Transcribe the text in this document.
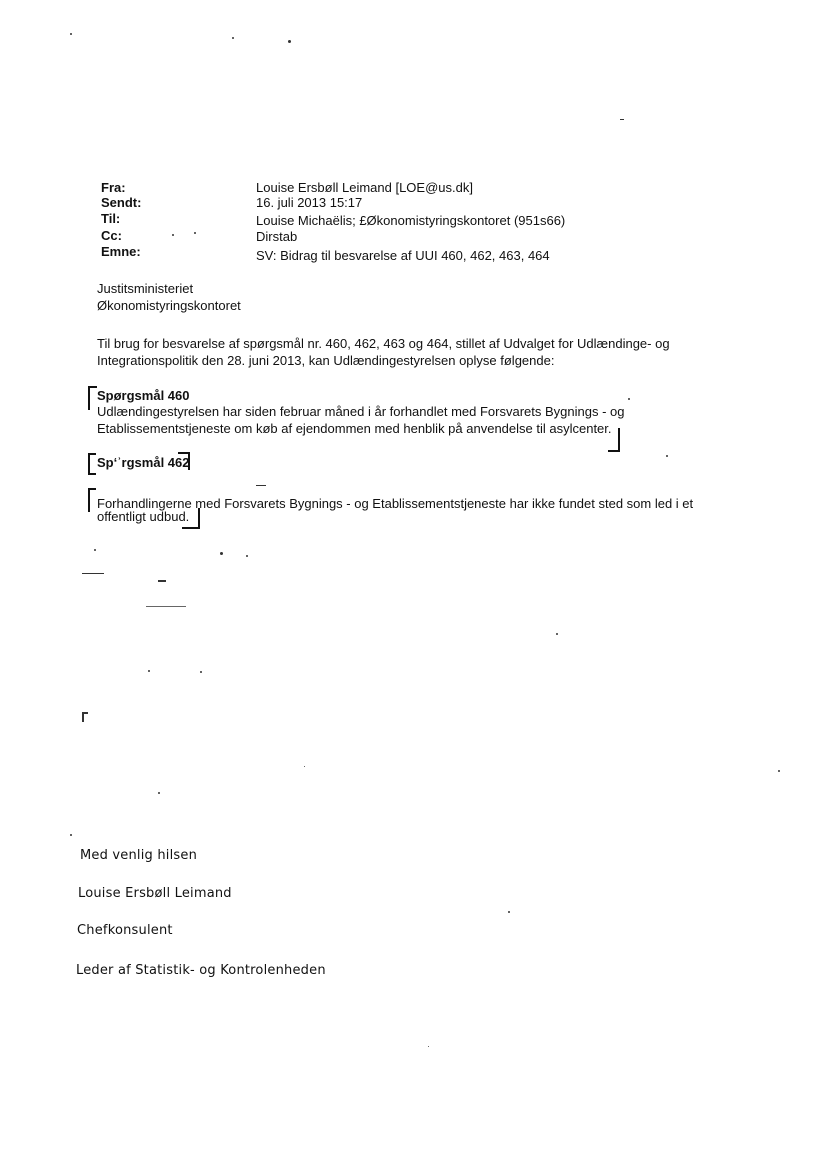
Fra:	Louise Ersbøll Leimand [LOE@us.dk]
Sendt:	16. juli 2013 15:17
Til:	Louise Michaëlis; £Økonomistyringskontoret (951s66)
Cc:	Dirstab
Emne:	SV: Bidrag til besvarelse af UUI 460, 462, 463, 464
Justitsministeriet
Økonomistyringskontoret
Til brug for besvarelse af spørgsmål nr. 460, 462, 463 og 464, stillet af Udvalget for Udlændinge- og
Integrationspolitik den 28. juni 2013, kan Udlændingestyrelsen oplyse følgende:
Spørgsmål 460
Udlændingestyrelsen har siden februar måned i år forhandlet med Forsvarets Bygnings - og
Etablissementstjeneste om køb af ejendommen med henblik på anvendelse til asylcenter.
Sp‘ʾrgsmål 462
Forhandlingerne med Forsvarets Bygnings - og Etablissementstjeneste har ikke fundet sted som led i et
offentligt udbud.
Med venlig hilsen
Louise Ersbøll Leimand
Chefkonsulent
Leder af Statistik- og Kontrolenheden
